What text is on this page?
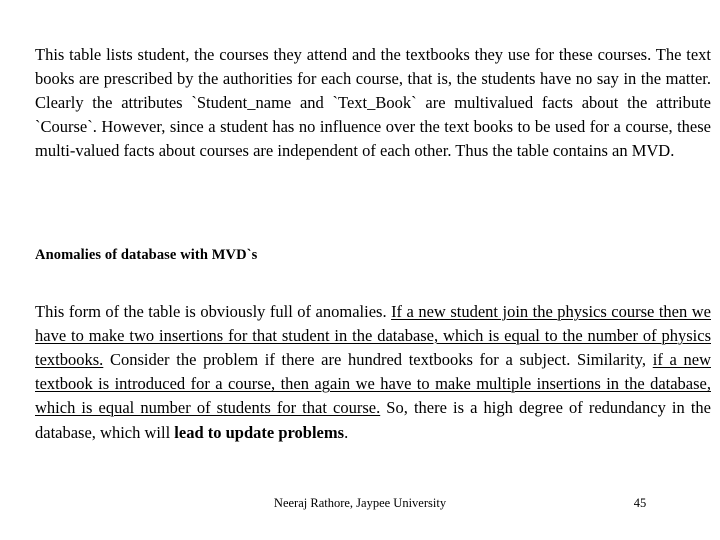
This table lists student, the courses they attend and the textbooks they use for these courses. The text books are prescribed by the authorities for each course, that is, the students have no say in the matter. Clearly the attributes `Student_name and `Text_Book` are multivalued facts about the attribute `Course`. However, since a student has no influence over the text books to be used for a course, these multi-valued facts about courses are independent of each other. Thus the table contains an MVD.

Anomalies of database with MVD`s

This form of the table is obviously full of anomalies. If a new student join the physics course then we have to make two insertions for that student in the database, which is equal to the number of physics textbooks. Consider the problem if there are hundred textbooks for a subject. Similarity, if a new textbook is introduced for a course, then again we have to make multiple insertions in the database, which is equal number of students for that course. So, there is a high degree of redundancy in the database, which will lead to update problems.

Neeraj Rathore, Jaypee University	45
